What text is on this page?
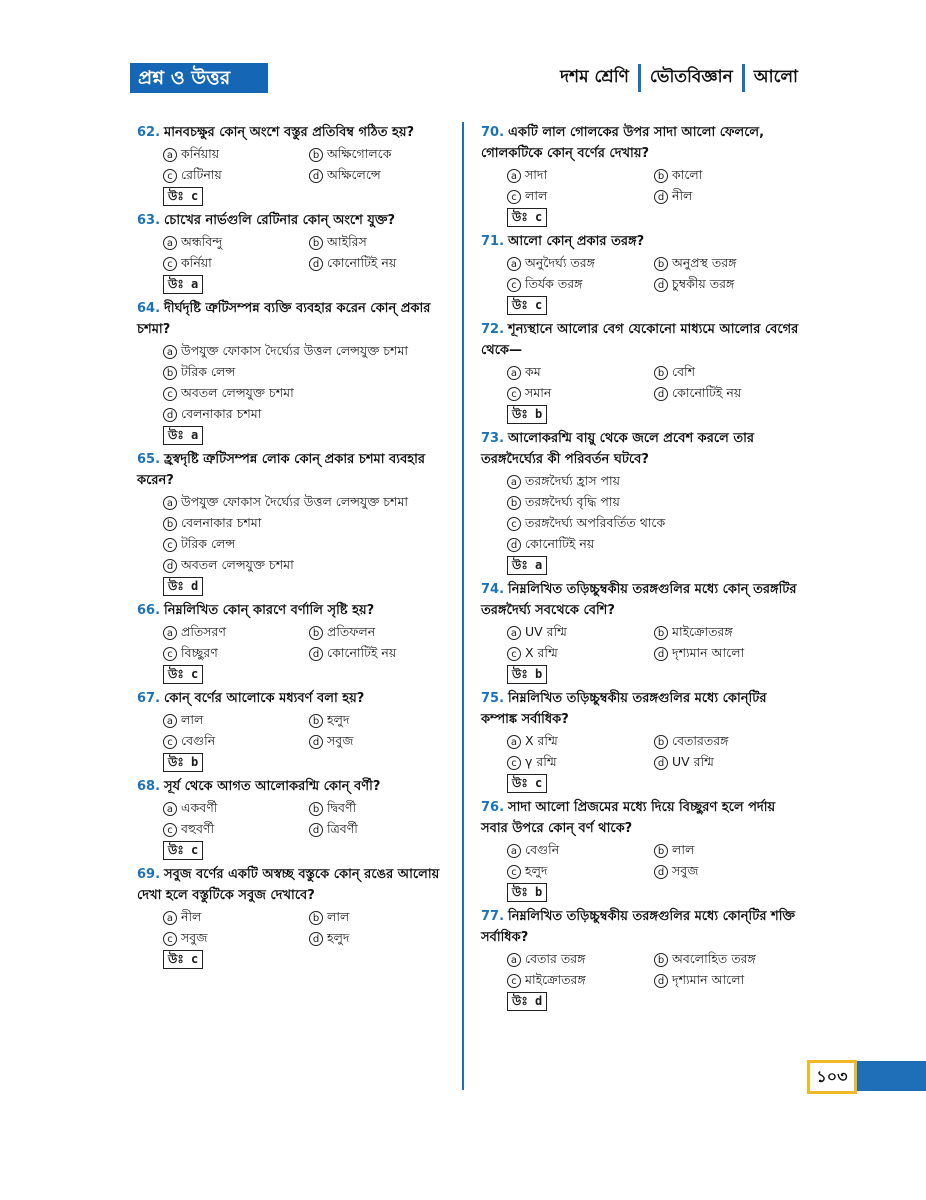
প্রশ্ন ও উত্তর	দশম শ্রেণি ভৌতবিজ্ঞান আলো
62. মানবচক্ষুর কোন্ অংশে বস্তুর প্রতিবিম্ব গঠিত হয়?
a কর্নিয়ায়	b অক্ষিগোলকে
c রেটিনায়	d অক্ষিলেন্সে
উঃ c
63. চোখের নার্ভগুলি রেটিনার কোন্ অংশে যুক্ত?
a অন্ধবিন্দু	b আইরিস
c কর্নিয়া	d কোনোটিই নয়
উঃ a
64. দীর্ঘদৃষ্টি ত্রুটিসম্পন্ন ব্যক্তি ব্যবহার করেন কোন্ প্রকার চশমা?
a উপযুক্ত ফোকাস দৈর্ঘ্যের উত্তল লেন্সযুক্ত চশমা
b টরিক লেন্স
c অবতল লেন্সযুক্ত চশমা
d বেলনাকার চশমা
উঃ a
65. হ্রস্বদৃষ্টি ত্রুটিসম্পন্ন লোক কোন্ প্রকার চশমা ব্যবহার করেন?
a উপযুক্ত ফোকাস দৈর্ঘ্যের উত্তল লেন্সযুক্ত চশমা
b বেলনাকার চশমা
c টরিক লেন্স
d অবতল লেন্সযুক্ত চশমা
উঃ d
66. নিম্নলিখিত কোন্ কারণে বর্ণালি সৃষ্টি হয়?
a প্রতিসরণ	b প্রতিফলন
c বিচ্ছুরণ	d কোনোটিই নয়
উঃ c
67. কোন্ বর্ণের আলোকে মধ্যবর্ণ বলা হয়?
a লাল	b হলুদ
c বেগুনি	d সবুজ
উঃ b
68. সূর্য থেকে আগত আলোকরশ্মি কোন্ বর্ণী?
a একবর্ণী	b দ্বিবর্ণী
c বহুবর্ণী	d ত্রিবর্ণী
উঃ c
69. সবুজ বর্ণের একটি অস্বচ্ছ বস্তুকে কোন্ রঙের আলোয় দেখা হলে বস্তুটিকে সবুজ দেখাবে?
a নীল	b লাল
c সবুজ	d হলুদ
উঃ c
70. একটি লাল গোলকের উপর সাদা আলো ফেললে, গোলকটিকে কোন্ বর্ণের দেখায়?
a সাদা	b কালো
c লাল	d নীল
উঃ c
71. আলো কোন্ প্রকার তরঙ্গ?
a অনুদৈর্ঘ্য তরঙ্গ	b অনুপ্রস্থ তরঙ্গ
c তির্যক তরঙ্গ	d চুম্বকীয় তরঙ্গ
উঃ c
72. শূন্যস্থানে আলোর বেগ যেকোনো মাধ্যমে আলোর বেগের থেকে—
a কম	b বেশি
c সমান	d কোনোটিই নয়
উঃ b
73. আলোকরশ্মি বায়ু থেকে জলে প্রবেশ করলে তার তরঙ্গদৈর্ঘ্যের কী পরিবর্তন ঘটবে?
a তরঙ্গদৈর্ঘ্য হ্রাস পায়
b তরঙ্গদৈর্ঘ্য বৃদ্ধি পায়
c তরঙ্গদৈর্ঘ্য অপরিবর্তিত থাকে
d কোনোটিই নয়
উঃ a
74. নিম্নলিখিত তড়িচ্চুম্বকীয় তরঙ্গগুলির মধ্যে কোন্ তরঙ্গটির তরঙ্গদৈর্ঘ্য সবথেকে বেশি?
a UV রশ্মি	b মাইক্রোতরঙ্গ
c X রশ্মি	d দৃশ্যমান আলো
উঃ b
75. নিম্নলিখিত তড়িচ্চুম্বকীয় তরঙ্গগুলির মধ্যে কোন্‌টির কম্পাঙ্ক সর্বাধিক?
a X রশ্মি	b বেতারতরঙ্গ
c γ রশ্মি	d UV রশ্মি
উঃ c
76. সাদা আলো প্রিজমের মধ্যে দিয়ে বিচ্ছুরণ হলে পর্দায় সবার উপরে কোন্ বর্ণ থাকে?
a বেগুনি	b লাল
c হলুদ	d সবুজ
উঃ b
77. নিম্নলিখিত তড়িচ্চুম্বকীয় তরঙ্গগুলির মধ্যে কোন্‌টির শক্তি সর্বাধিক?
a বেতার তরঙ্গ	b অবলোহিত তরঙ্গ
c মাইক্রোতরঙ্গ	d দৃশ্যমান আলো
উঃ d
১০৩
